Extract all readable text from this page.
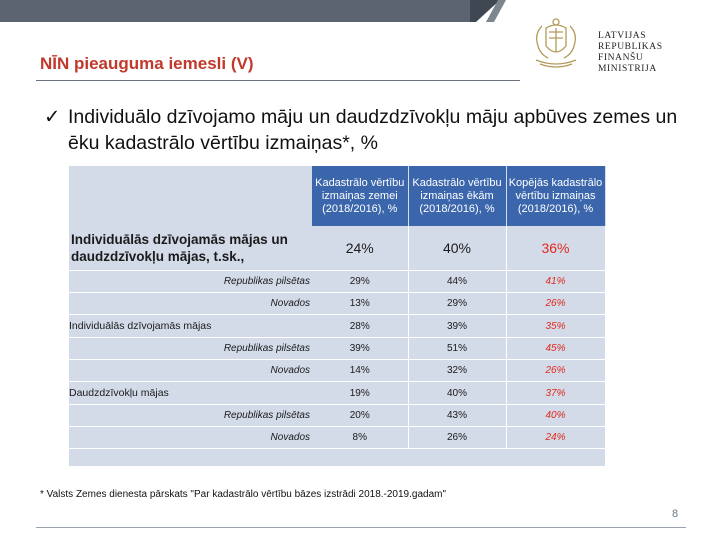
LATVIJAS REPUBLIKAS
FINANŠU MINISTRIJA
NĪN pieauguma iemesli (V)
✓ Individuālo dzīvojamo māju un daudzdzīvokļu māju apbūves zemes un ēku kadastrālo vērtību izmaiņas*, %
	Kadastrālo vērtību izmaiņas zemei (2018/2016), %	Kadastrālo vērtību izmaiņas ēkām (2018/2016), %	Kopējās kadastrālo vērtību izmaiņas (2018/2016), %
Individuālās dzīvojamās mājas un daudzdzīvokļu mājas, t.sk.,	24%	40%	36%
Republikas pilsētas	29%	44%	41%
Novados	13%	29%	26%
Individuālās dzīvojamās mājas	28%	39%	35%
Republikas pilsētas	39%	51%	45%
Novados	14%	32%	26%
Daudzdzīvokļu mājas	19%	40%	37%
Republikas pilsētas	20%	43%	40%
Novados	8%	26%	24%
* Valsts Zemes dienesta pārskats "Par kadastrālo vērtību bāzes izstrādi 2018.-2019.gadam"
8
